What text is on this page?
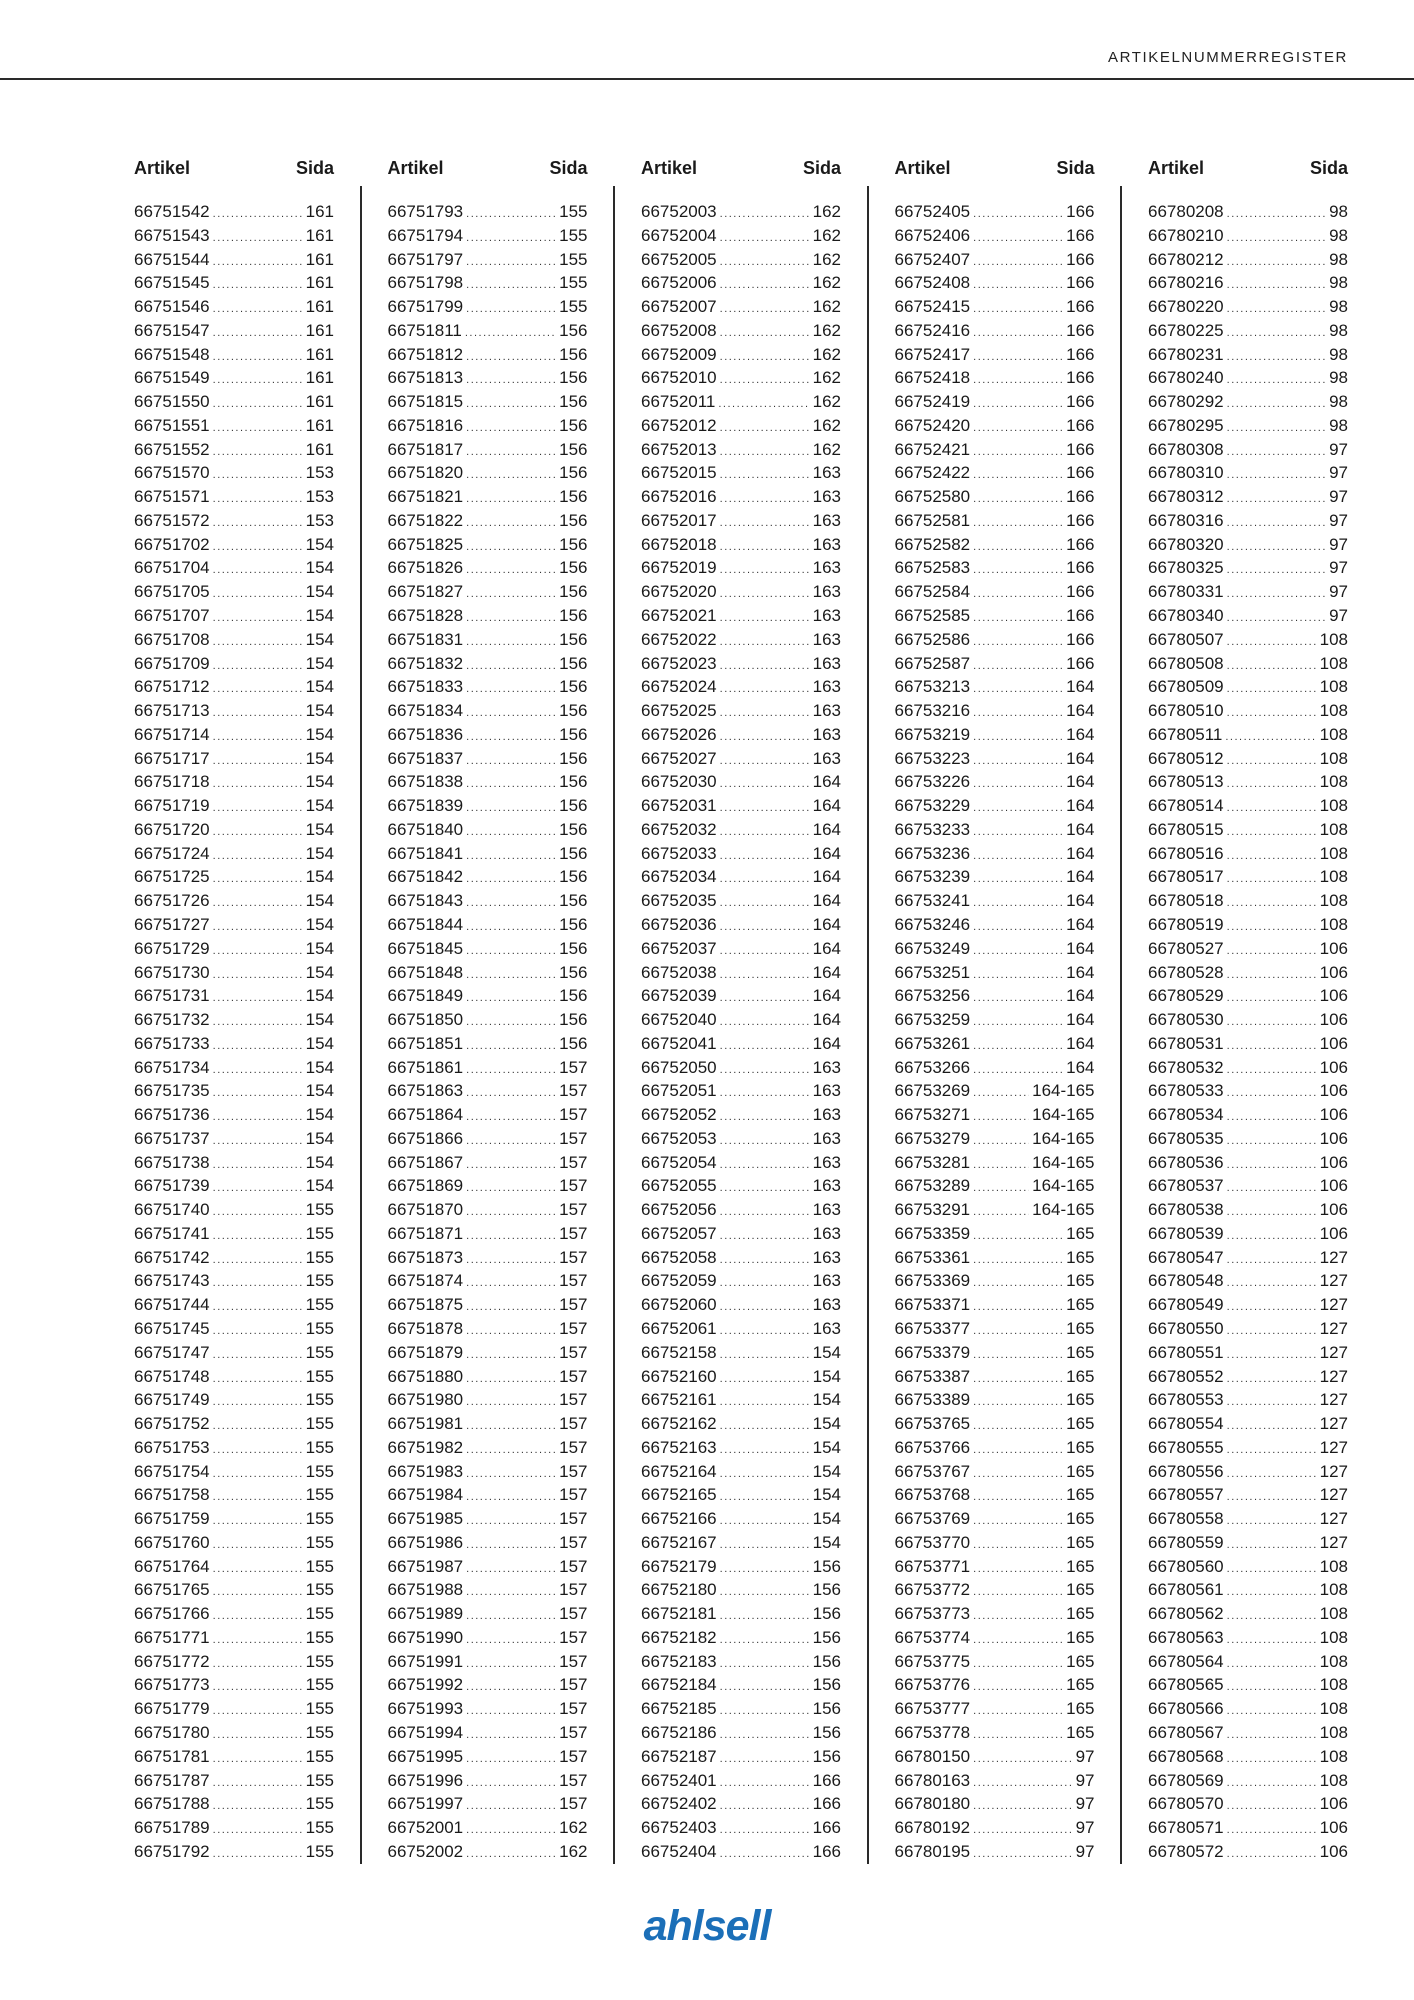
ARTIKELNUMMERREGISTER
Artikel	Sida
66751542 .....	161
66751543 .....	161
66751544 .....	161
66751545 .....	161
66751546 .....	161
66751547 .....	161
66751548 .....	161
66751549 .....	161
66751550 .....	161
66751551 .....	161
66751552 .....	161
66751570 .....	153
66751571 .....	153
66751572 .....	153
66751702 .....	154
66751704 .....	154
66751705 .....	154
66751707 .....	154
66751708 .....	154
66751709 .....	154
66751712 .....	154
66751713 .....	154
66751714 .....	154
66751717 .....	154
66751718 .....	154
66751719 .....	154
66751720 .....	154
66751724 .....	154
66751725 .....	154
66751726 .....	154
66751727 .....	154
66751729 .....	154
66751730 .....	154
66751731 .....	154
66751732 .....	154
66751733 .....	154
66751734 .....	154
66751735 .....	154
66751736 .....	154
66751737 .....	154
66751738 .....	154
66751739 .....	154
66751740 .....	155
66751741 .....	155
66751742 .....	155
66751743 .....	155
66751744 .....	155
66751745 .....	155
66751747 .....	155
66751748 .....	155
66751749 .....	155
66751752 .....	155
66751753 .....	155
66751754 .....	155
66751758 .....	155
66751759 .....	155
66751760 .....	155
66751764 .....	155
66751765 .....	155
66751766 .....	155
66751771 .....	155
66751772 .....	155
66751773 .....	155
66751779 .....	155
66751780 .....	155
66751781 .....	155
66751787 .....	155
66751788 .....	155
66751789 .....	155
66751792 .....	155
Artikel	Sida
66751793 .....	155
66751794 .....	155
66751797 .....	155
66751798 .....	155
66751799 .....	155
66751811 .....	156
66751812 .....	156
66751813 .....	156
66751815 .....	156
66751816 .....	156
66751817 .....	156
66751820 .....	156
66751821 .....	156
66751822 .....	156
66751825 .....	156
66751826 .....	156
66751827 .....	156
66751828 .....	156
66751831 .....	156
66751832 .....	156
66751833 .....	156
66751834 .....	156
66751836 .....	156
66751837 .....	156
66751838 .....	156
66751839 .....	156
66751840 .....	156
66751841 .....	156
66751842 .....	156
66751843 .....	156
66751844 .....	156
66751845 .....	156
66751848 .....	156
66751849 .....	156
66751850 .....	156
66751851 .....	156
66751861 .....	157
66751863 .....	157
66751864 .....	157
66751866 .....	157
66751867 .....	157
66751869 .....	157
66751870 .....	157
66751871 .....	157
66751873 .....	157
66751874 .....	157
66751875 .....	157
66751878 .....	157
66751879 .....	157
66751880 .....	157
66751980 .....	157
66751981 .....	157
66751982 .....	157
66751983 .....	157
66751984 .....	157
66751985 .....	157
66751986 .....	157
66751987 .....	157
66751988 .....	157
66751989 .....	157
66751990 .....	157
66751991 .....	157
66751992 .....	157
66751993 .....	157
66751994 .....	157
66751995 .....	157
66751996 .....	157
66751997 .....	157
66752001 .....	162
66752002 .....	162
Artikel	Sida
66752003 .....	162
66752004 .....	162
66752005 .....	162
66752006 .....	162
66752007 .....	162
66752008 .....	162
66752009 .....	162
66752010 .....	162
66752011 .....	162
66752012 .....	162
66752013 .....	162
66752015 .....	163
66752016 .....	163
66752017 .....	163
66752018 .....	163
66752019 .....	163
66752020 .....	163
66752021 .....	163
66752022 .....	163
66752023 .....	163
66752024 .....	163
66752025 .....	163
66752026 .....	163
66752027 .....	163
66752030 .....	164
66752031 .....	164
66752032 .....	164
66752033 .....	164
66752034 .....	164
66752035 .....	164
66752036 .....	164
66752037 .....	164
66752038 .....	164
66752039 .....	164
66752040 .....	164
66752041 .....	164
66752050 .....	163
66752051 .....	163
66752052 .....	163
66752053 .....	163
66752054 .....	163
66752055 .....	163
66752056 .....	163
66752057 .....	163
66752058 .....	163
66752059 .....	163
66752060 .....	163
66752061 .....	163
66752158 .....	154
66752160 .....	154
66752161 .....	154
66752162 .....	154
66752163 .....	154
66752164 .....	154
66752165 .....	154
66752166 .....	154
66752167 .....	154
66752179 .....	156
66752180 .....	156
66752181 .....	156
66752182 .....	156
66752183 .....	156
66752184 .....	156
66752185 .....	156
66752186 .....	156
66752187 .....	156
66752401 .....	166
66752402 .....	166
66752403 .....	166
66752404 .....	166
Artikel	Sida
66752405 .....	166
66752406 .....	166
66752407 .....	166
66752408 .....	166
66752415 .....	166
66752416 .....	166
66752417 .....	166
66752418 .....	166
66752419 .....	166
66752420 .....	166
66752421 .....	166
66752422 .....	166
66752580 .....	166
66752581 .....	166
66752582 .....	166
66752583 .....	166
66752584 .....	166
66752585 .....	166
66752586 .....	166
66752587 .....	166
66753213 .....	164
66753216 .....	164
66753219 .....	164
66753223 .....	164
66753226 .....	164
66753229 .....	164
66753233 .....	164
66753236 .....	164
66753239 .....	164
66753241 .....	164
66753246 .....	164
66753249 .....	164
66753251 .....	164
66753256 .....	164
66753259 .....	164
66753261 .....	164
66753266 .....	164
66753269 .....	164-165
66753271 .....	164-165
66753279 .....	164-165
66753281 .....	164-165
66753289 .....	164-165
66753291 .....	164-165
66753359 .....	165
66753361 .....	165
66753369 .....	165
66753371 .....	165
66753377 .....	165
66753379 .....	165
66753387 .....	165
66753389 .....	165
66753765 .....	165
66753766 .....	165
66753767 .....	165
66753768 .....	165
66753769 .....	165
66753770 .....	165
66753771 .....	165
66753772 .....	165
66753773 .....	165
66753774 .....	165
66753775 .....	165
66753776 .....	165
66753777 .....	165
66753778 .....	165
66780150 .....	97
66780163 .....	97
66780180 .....	97
66780192 .....	97
66780195 .....	97
Artikel	Sida
66780208 .....	98
66780210 .....	98
66780212 .....	98
66780216 .....	98
66780220 .....	98
66780225 .....	98
66780231 .....	98
66780240 .....	98
66780292 .....	98
66780295 .....	98
66780308 .....	97
66780310 .....	97
66780312 .....	97
66780316 .....	97
66780320 .....	97
66780325 .....	97
66780331 .....	97
66780340 .....	97
66780507 .....	108
66780508 .....	108
66780509 .....	108
66780510 .....	108
66780511 .....	108
66780512 .....	108
66780513 .....	108
66780514 .....	108
66780515 .....	108
66780516 .....	108
66780517 .....	108
66780518 .....	108
66780519 .....	108
66780527 .....	106
66780528 .....	106
66780529 .....	106
66780530 .....	106
66780531 .....	106
66780532 .....	106
66780533 .....	106
66780534 .....	106
66780535 .....	106
66780536 .....	106
66780537 .....	106
66780538 .....	106
66780539 .....	106
66780547 .....	127
66780548 .....	127
66780549 .....	127
66780550 .....	127
66780551 .....	127
66780552 .....	127
66780553 .....	127
66780554 .....	127
66780555 .....	127
66780556 .....	127
66780557 .....	127
66780558 .....	127
66780559 .....	127
66780560 .....	108
66780561 .....	108
66780562 .....	108
66780563 .....	108
66780564 .....	108
66780565 .....	108
66780566 .....	108
66780567 .....	108
66780568 .....	108
66780569 .....	108
66780570 .....	106
66780571 .....	106
66780572 .....	106
ahlsell
